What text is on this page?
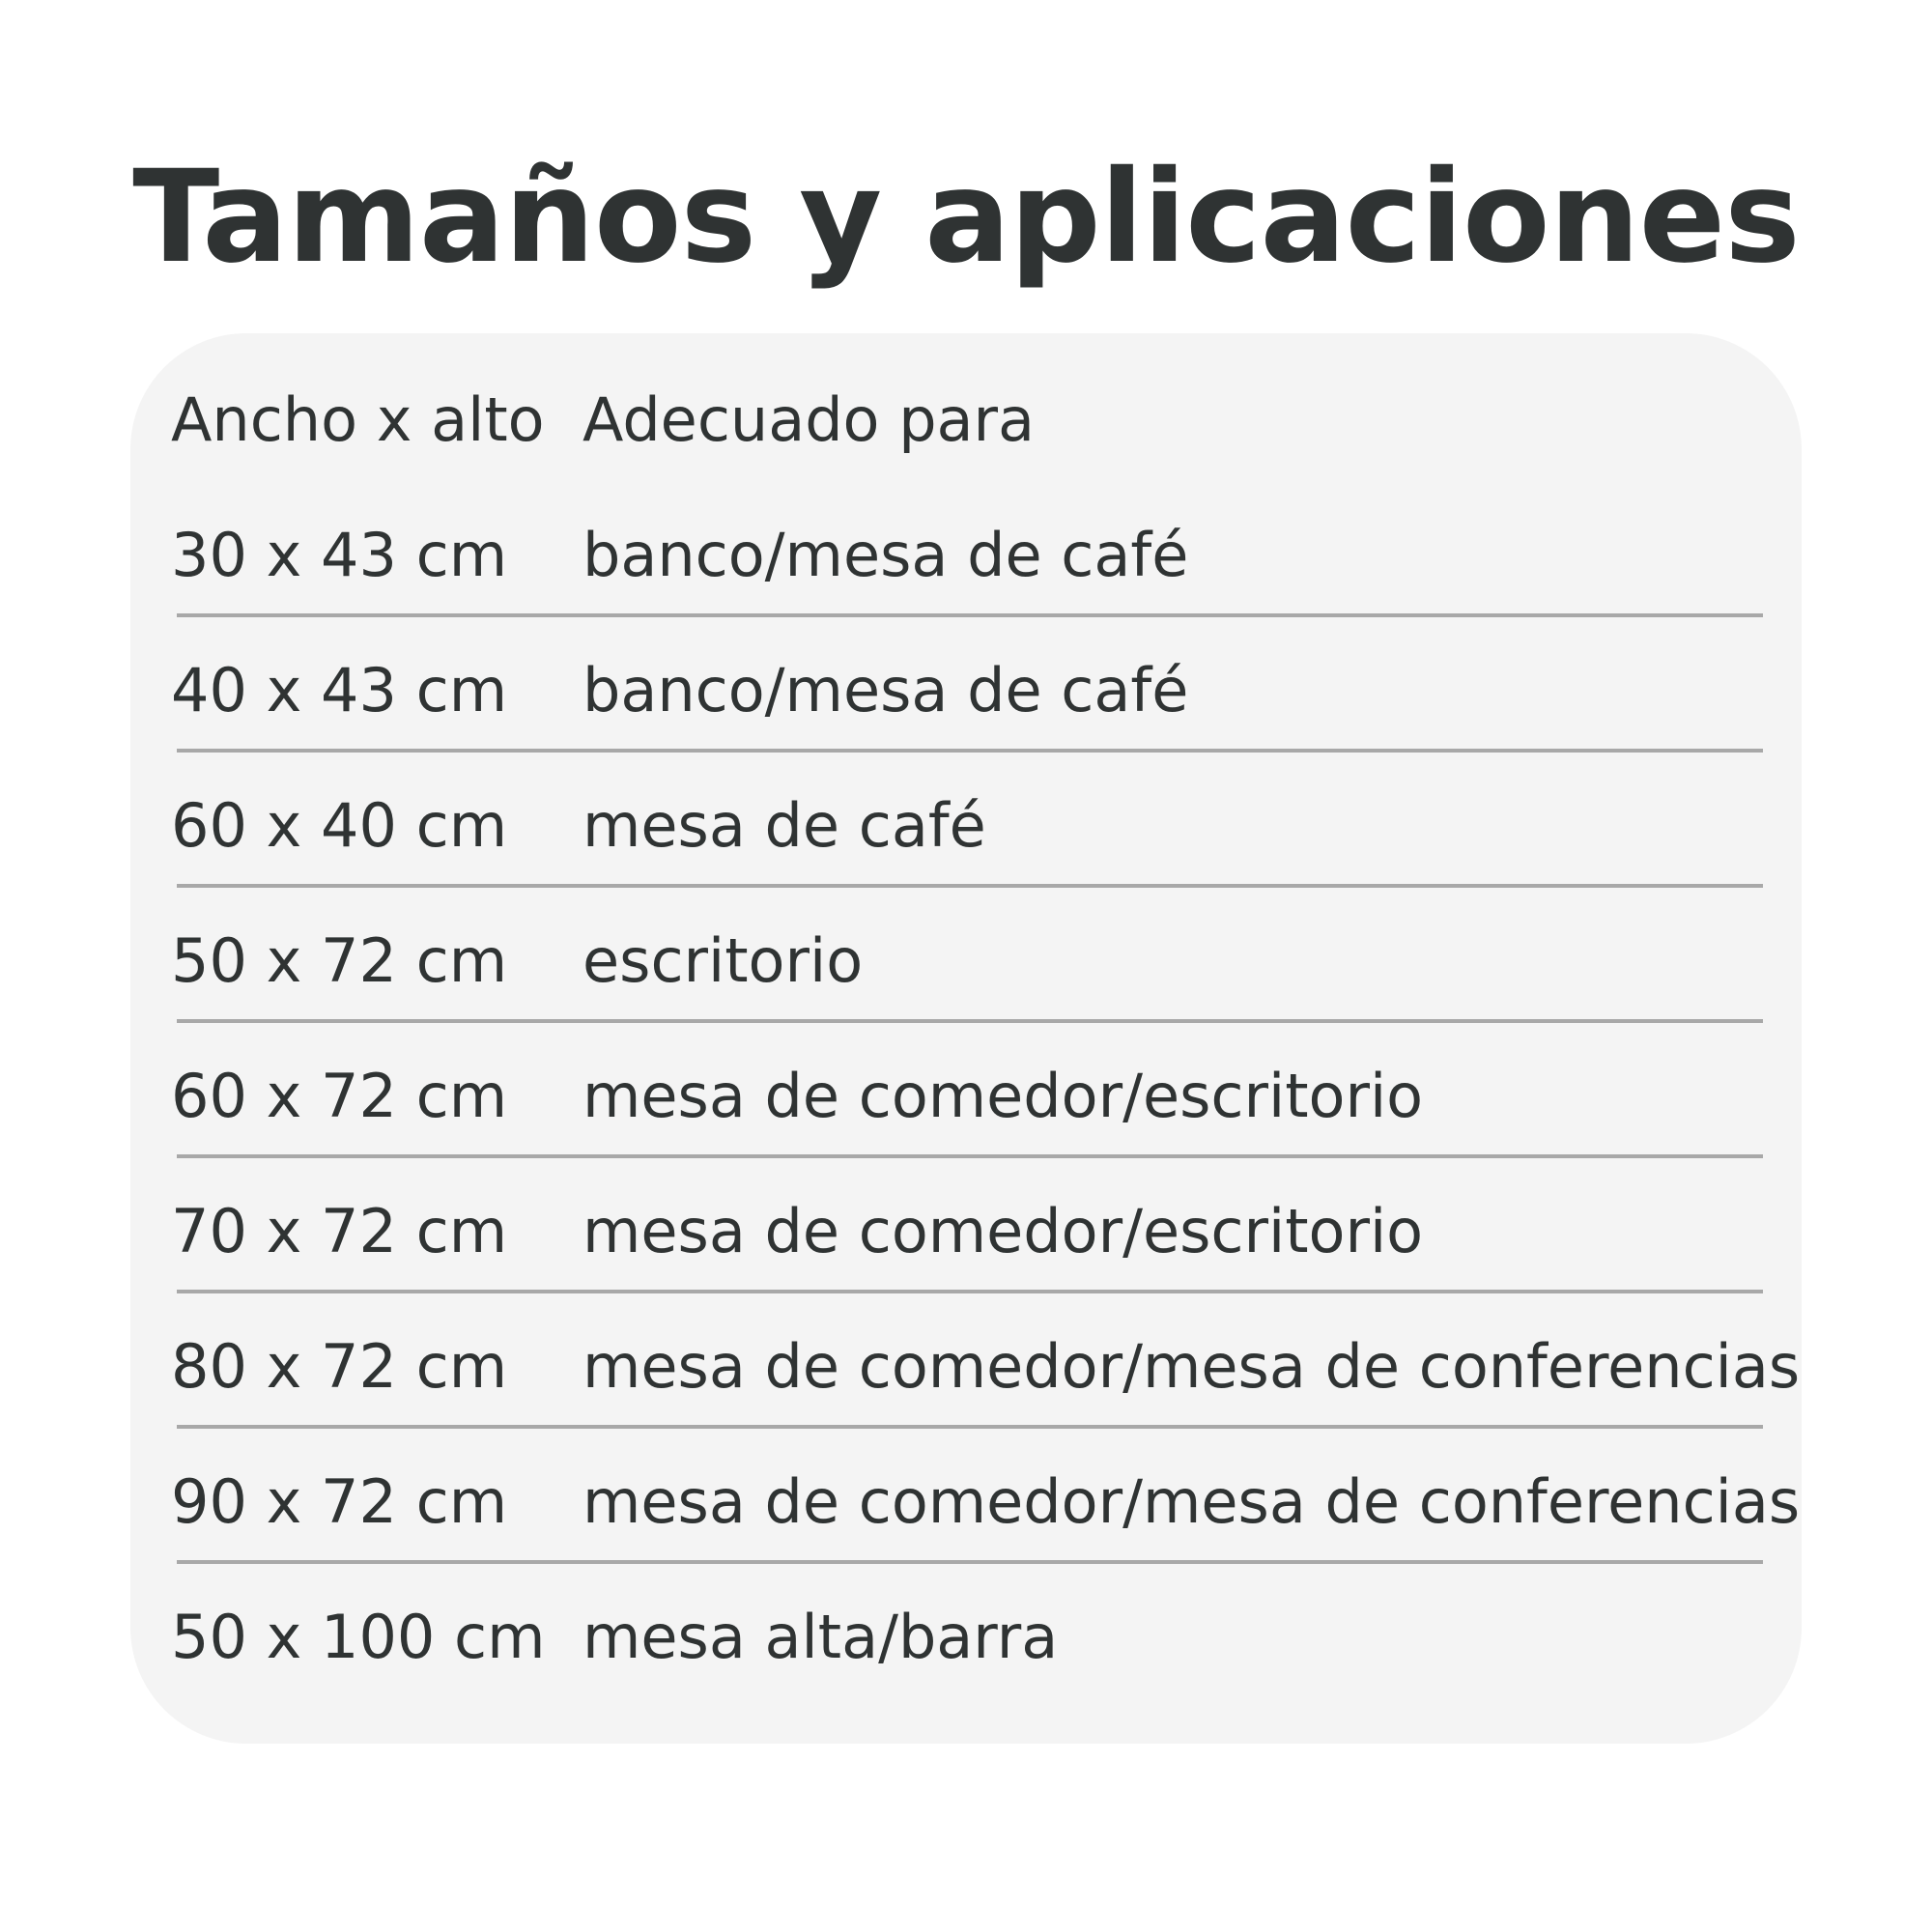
Tamaños y aplicaciones
Ancho x alto Adecuado para
30 x 43 cm banco/mesa de café
40 x 43 cm banco/mesa de café
60 x 40 cm mesa de café
50 x 72 cm escritorio
60 x 72 cm mesa de comedor/escritorio
70 x 72 cm mesa de comedor/escritorio
80 x 72 cm mesa de comedor/mesa de conferencias
90 x 72 cm mesa de comedor/mesa de conferencias
50 x 100 cm mesa alta/barra
